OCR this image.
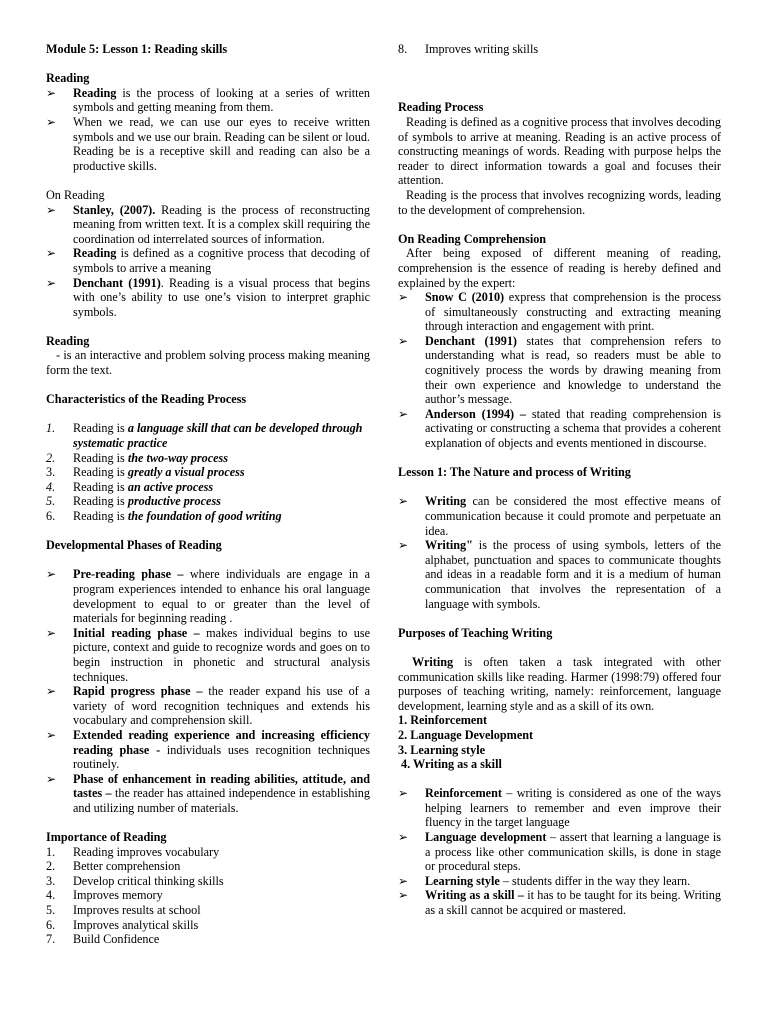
Module 5: Lesson 1: Reading skills

Reading

➢ Reading is the process of looking at a series of written symbols and getting meaning from them.

➢ When we read, we can use our eyes to receive written symbols and we use our brain. Reading can be silent or loud. Reading be is a receptive skill and reading can also be a productive skills.

On Reading

➢ Stanley, (2007). Reading is the process of reconstructing meaning from written text. It is a complex skill requiring the coordination od interrelated sources of information.

➢ Reading is defined as a cognitive process that decoding of symbols to arrive a meaning

➢ Denchant (1991). Reading is a visual process that begins with one’s ability to use one’s vision to interpret graphic symbols.

Reading

- is an interactive and problem solving process making meaning form the text.

Characteristics of the Reading Process

1. Reading is a language skill that can be developed through systematic practice

2. Reading is the two-way process

3. Reading is greatly a visual process

4. Reading is an active process

5. Reading is productive process

6. Reading is the foundation of good writing

Developmental Phases of Reading

➢ Pre-reading phase – where individuals are engage in a program experiences intended to enhance his oral language development to equal to or greater than the level of materials for beginning reading .

➢ Initial reading phase – makes individual begins to use picture, context and guide to recognize words and goes on to begin instruction in phonetic and structural analysis techniques.

➢ Rapid progress phase – the reader expand his use of a variety of word recognition techniques and extends his vocabulary and comprehension skill.

➢ Extended reading experience and increasing efficiency reading phase - individuals uses recognition techniques routinely.

➢ Phase of enhancement in reading abilities, attitude, and tastes – the reader has attained independence in establishing and utilizing number of materials.

Importance of Reading

1. Reading improves vocabulary

2. Better comprehension

3. Develop critical thinking skills

4. Improves memory

5. Improves results at school

6. Improves analytical skills

7. Build Confidence

8. Improves writing skills

Reading Process

Reading is defined as a cognitive process that involves decoding of symbols to arrive at meaning. Reading is an active process of constructing meanings of words. Reading with purpose helps the reader to direct information towards a goal and focuses their attention.

Reading is the process that involves recognizing words, leading to the development of comprehension.

On Reading Comprehension

After being exposed of different meaning of reading, comprehension is the essence of reading is hereby defined and explained by the expert:

➢ Snow C (2010) express that comprehension is the process of simultaneously constructing and extracting meaning through interaction and engagement with print.

➢ Denchant (1991) states that comprehension refers to understanding what is read, so readers must be able to cognitively process the words by drawing meaning from their own experience and knowledge to understand the author’s message.

➢ Anderson (1994) – stated that reading comprehension is activating or constructing a schema that provides a coherent explanation of objects and events mentioned in discourse.

Lesson 1: The Nature and process of Writing

➢ Writing can be considered the most effective means of communication because it could promote and perpetuate an idea.

➢ Writing" is the process of using symbols, letters of the alphabet, punctuation and spaces to communicate thoughts and ideas in a readable form and it is a medium of human communication that involves the representation of a language with symbols.

Purposes of Teaching Writing

Writing is often taken a task integrated with other communication skills like reading. Harmer (1998:79) offered four purposes of teaching writing, namely: reinforcement, language development, learning style and as a skill of its own.

1. Reinforcement

2. Language Development

3. Learning style

4. Writing as a skill

➢ Reinforcement – writing is considered as one of the ways helping learners to remember and even improve their fluency in the target language

➢ Language development – assert that learning a language is a process like other communication skills, is done in stage or procedural steps.

➢ Learning style – students differ in the way they learn.

➢ Writing as a skill – it has to be taught for its being. Writing as a skill cannot be acquired or mastered.
